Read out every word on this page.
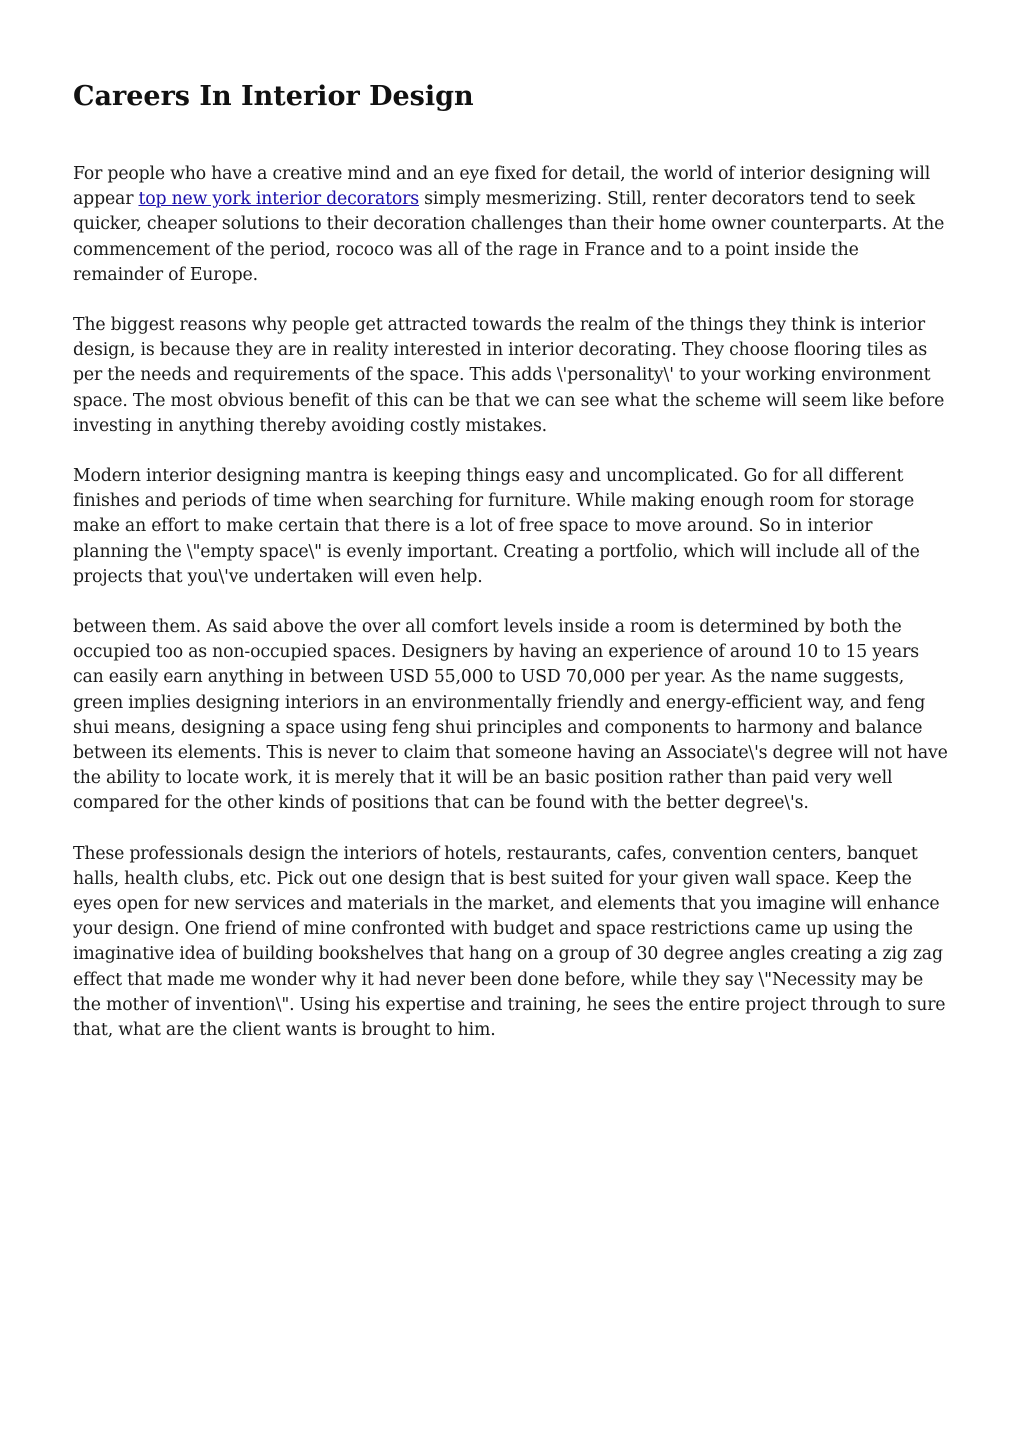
Careers In Interior Design

For people who have a creative mind and an eye fixed for detail, the world of interior designing will appear top new york interior decorators simply mesmerizing. Still, renter decorators tend to seek quicker, cheaper solutions to their decoration challenges than their home owner counterparts. At the commencement of the period, rococo was all of the rage in France and to a point inside the remainder of Europe.

The biggest reasons why people get attracted towards the realm of the things they think is interior design, is because they are in reality interested in interior decorating. They choose flooring tiles as per the needs and requirements of the space. This adds \'personality\' to your working environment space. The most obvious benefit of this can be that we can see what the scheme will seem like before investing in anything thereby avoiding costly mistakes.

Modern interior designing mantra is keeping things easy and uncomplicated. Go for all different finishes and periods of time when searching for furniture. While making enough room for storage make an effort to make certain that there is a lot of free space to move around. So in interior planning the \"empty space\" is evenly important. Creating a portfolio, which will include all of the projects that you\'ve undertaken will even help.

between them. As said above the over all comfort levels inside a room is determined by both the occupied too as non-occupied spaces. Designers by having an experience of around 10 to 15 years can easily earn anything in between USD 55,000 to USD 70,000 per year. As the name suggests, green implies designing interiors in an environmentally friendly and energy-efficient way, and feng shui means, designing a space using feng shui principles and components to harmony and balance between its elements. This is never to claim that someone having an Associate\'s degree will not have the ability to locate work, it is merely that it will be an basic position rather than paid very well compared for the other kinds of positions that can be found with the better degree\'s.

These professionals design the interiors of hotels, restaurants, cafes, convention centers, banquet halls, health clubs, etc. Pick out one design that is best suited for your given wall space. Keep the eyes open for new services and materials in the market, and elements that you imagine will enhance your design. One friend of mine confronted with budget and space restrictions came up using the imaginative idea of building bookshelves that hang on a group of 30 degree angles creating a zig zag effect that made me wonder why it had never been done before, while they say \"Necessity may be the mother of invention\". Using his expertise and training, he sees the entire project through to sure that, what are the client wants is brought to him.
